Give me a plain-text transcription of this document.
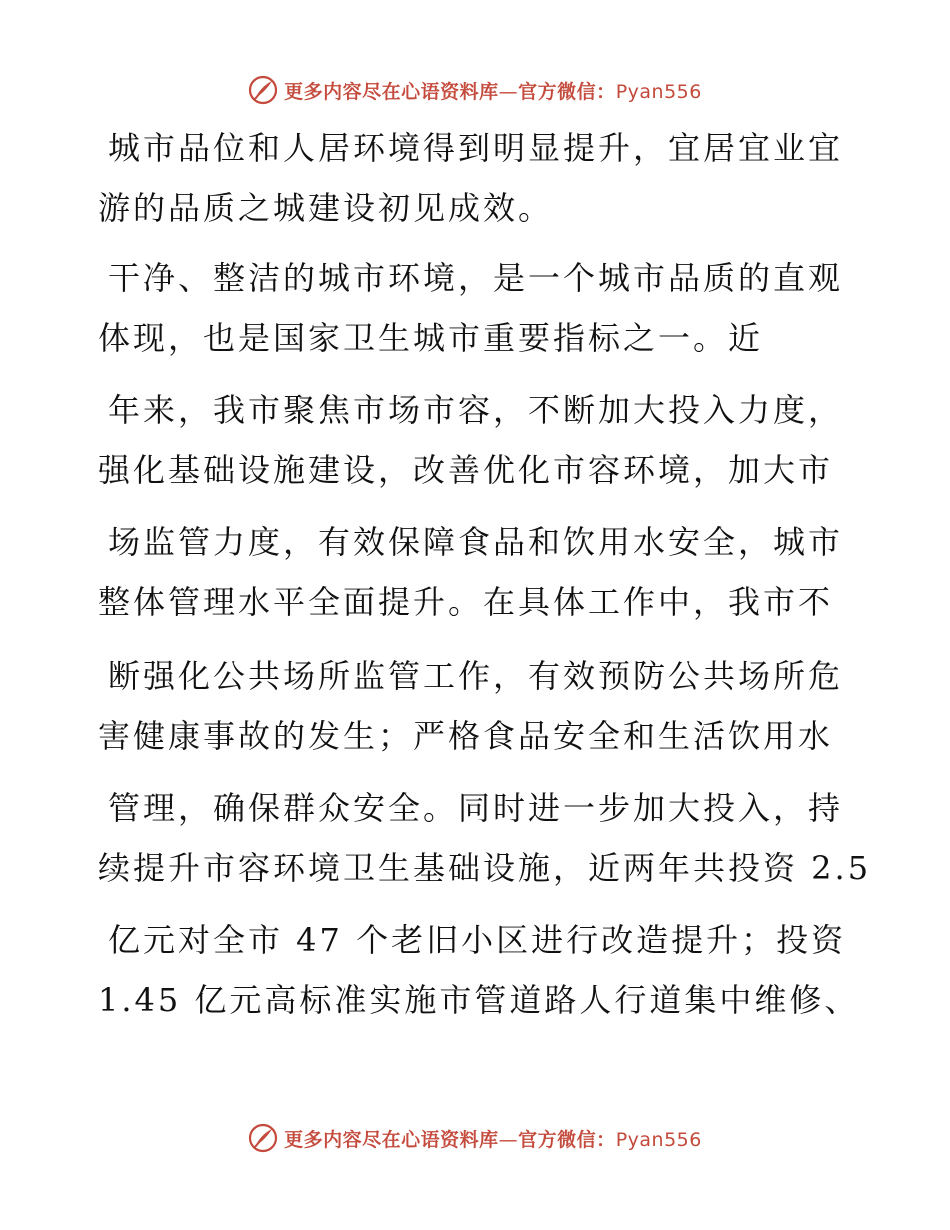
更多内容尽在心语资料库—官方微信：Pyan556
城市品位和人居环境得到明显提升，宜居宜业宜
游的品质之城建设初见成效。
干净、整洁的城市环境，是一个城市品质的直观
体现，也是国家卫生城市重要指标之一。近
年来，我市聚焦市场市容，不断加大投入力度，
强化基础设施建设，改善优化市容环境，加大市
场监管力度，有效保障食品和饮用水安全，城市
整体管理水平全面提升。在具体工作中，我市不
断强化公共场所监管工作，有效预防公共场所危
害健康事故的发生；严格食品安全和生活饮用水
管理，确保群众安全。同时进一步加大投入，持
续提升市容环境卫生基础设施，近两年共投资 2.5
亿元对全市 47 个老旧小区进行改造提升；投资
1.45 亿元高标准实施市管道路人行道集中维修、
更多内容尽在心语资料库—官方微信：Pyan556
